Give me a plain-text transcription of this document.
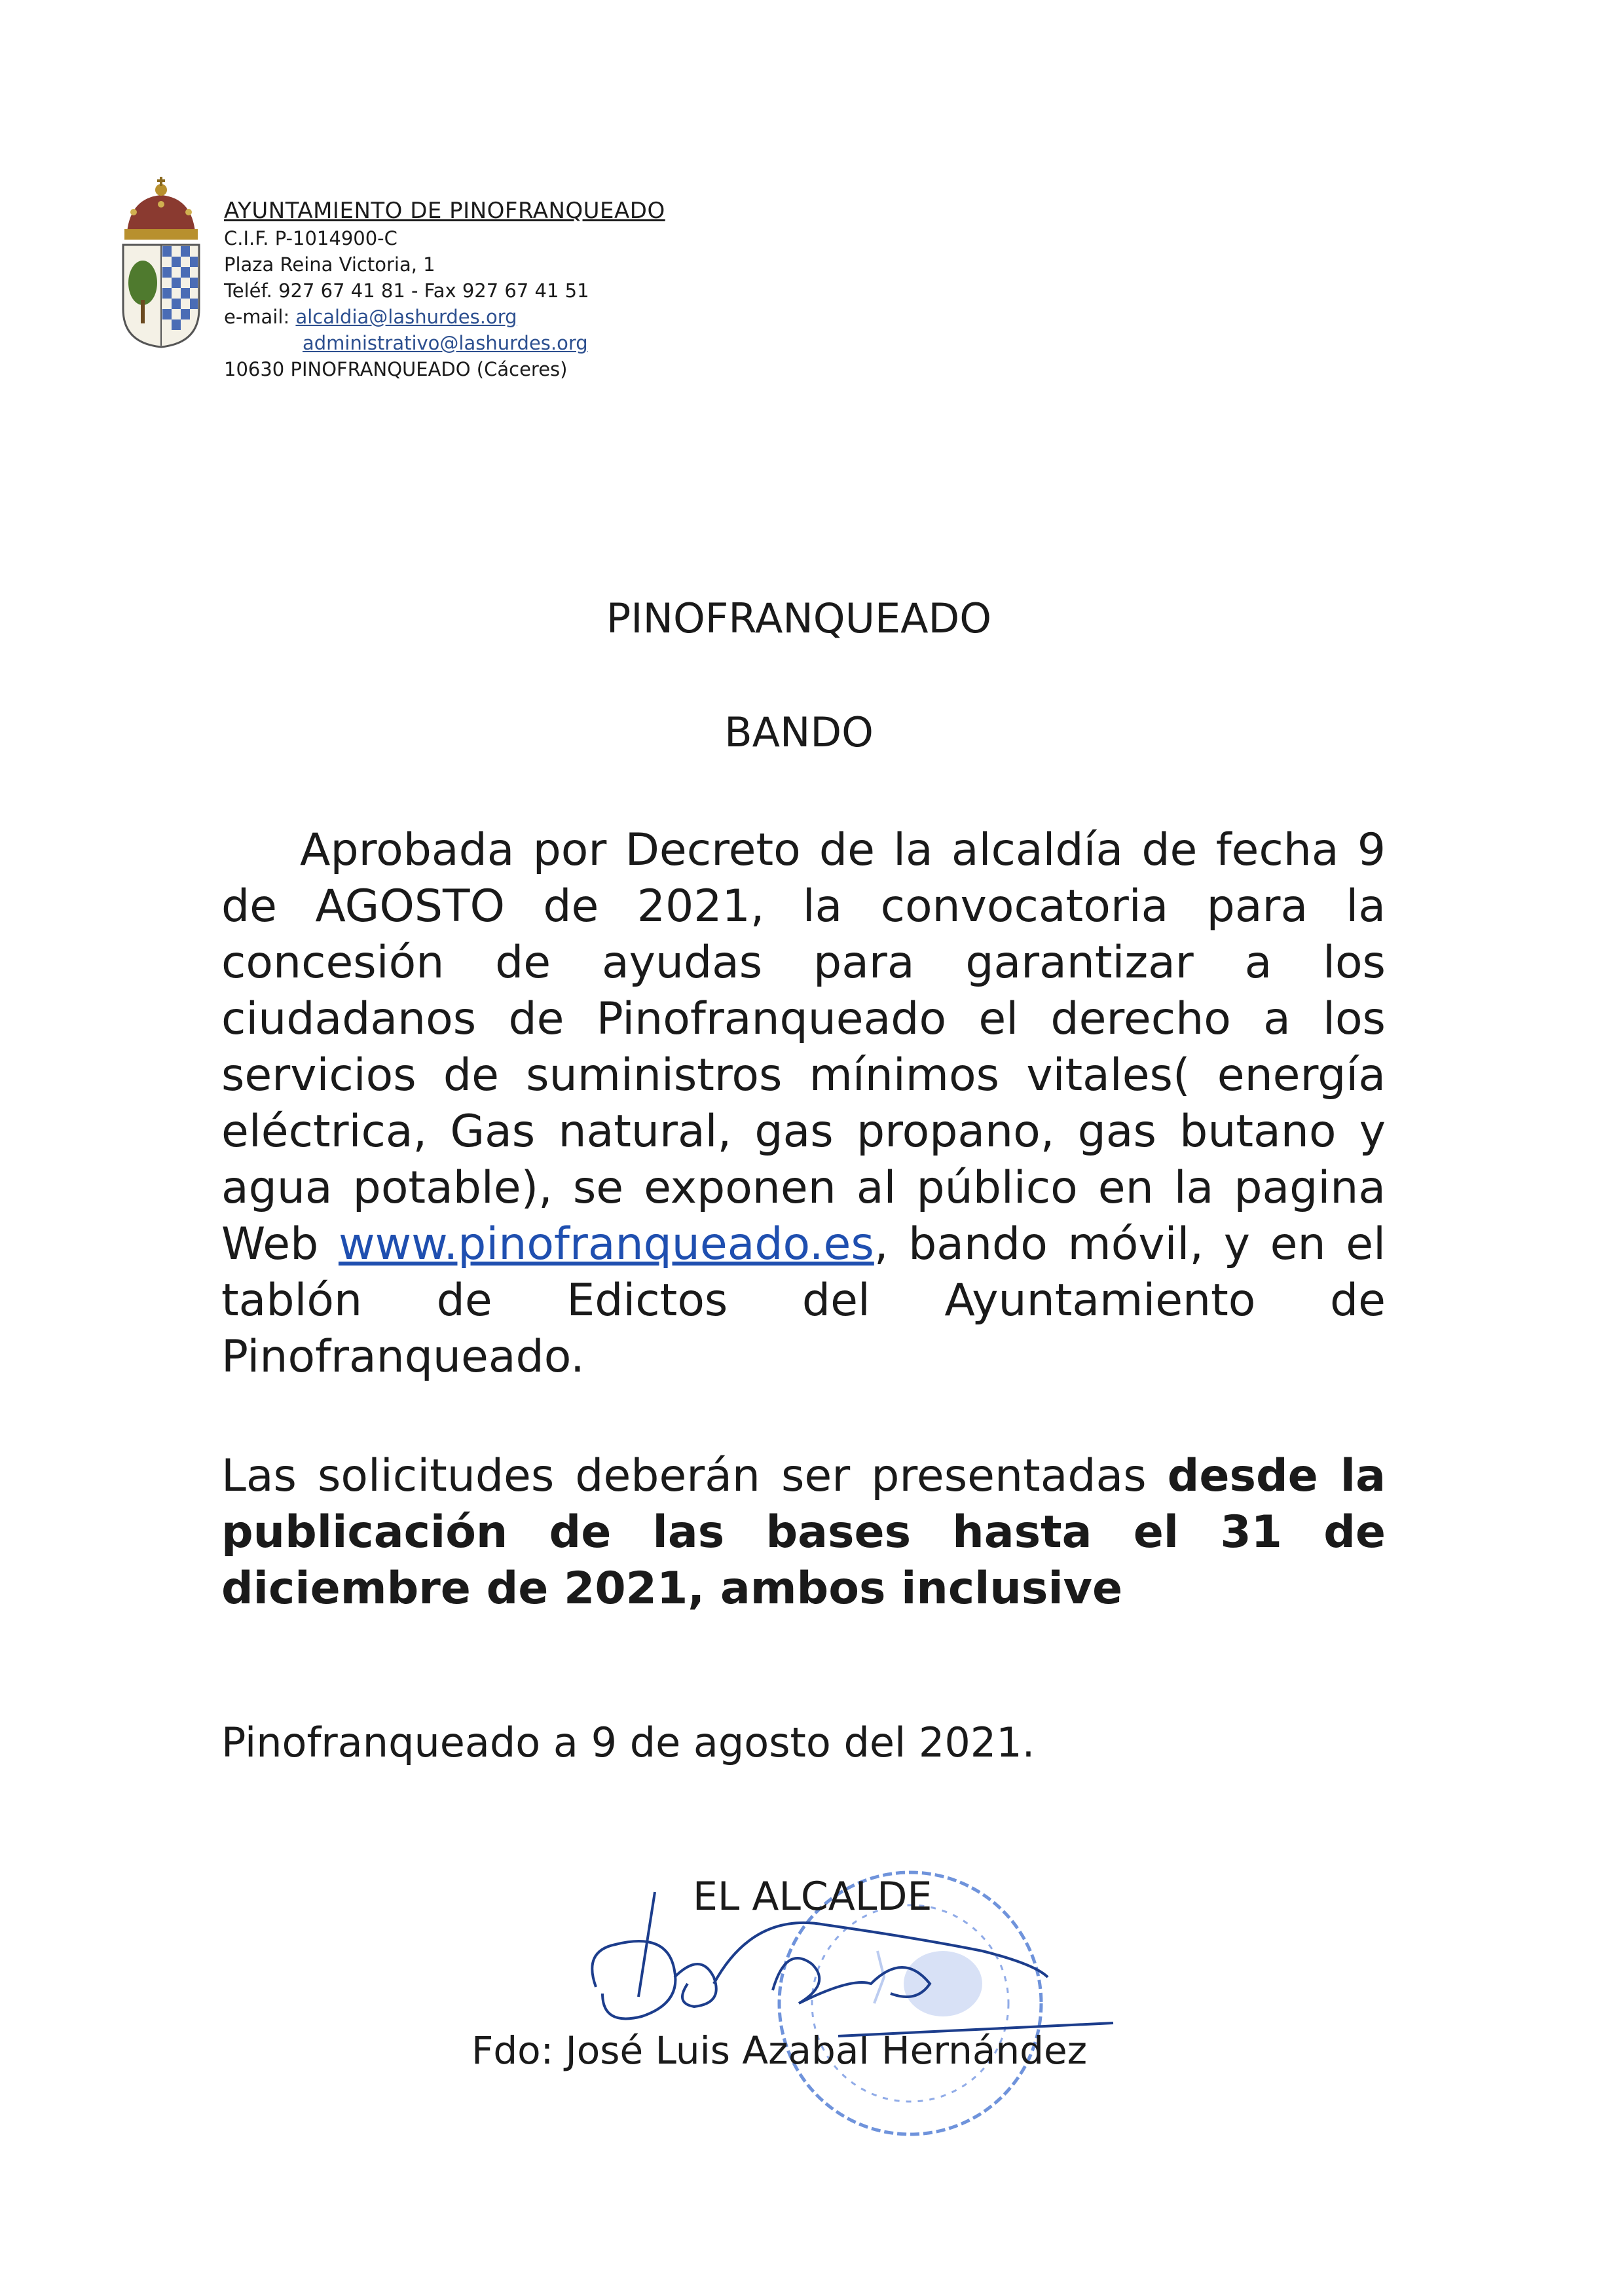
AYUNTAMIENTO DE PINOFRANQUEADO
C.I.F. P-1014900-C
Plaza Reina Victoria, 1
Teléf. 927 67 41 81 - Fax 927 67 41 51
e-mail: alcaldia@lashurdes.org
administrativo@lashurdes.org
10630 PINOFRANQUEADO (Cáceres)
PINOFRANQUEADO
BANDO
Aprobada por Decreto de la alcaldía de fecha 9 de AGOSTO de 2021, la convocatoria para la concesión de ayudas para garantizar a los ciudadanos de Pinofranqueado el derecho a los servicios de suministros mínimos vitales( energía eléctrica, Gas natural, gas propano, gas butano y agua potable), se exponen al público en la pagina Web www.pinofranqueado.es, bando móvil, y en el tablón de Edictos del Ayuntamiento de Pinofranqueado.
Las solicitudes deberán ser presentadas desde la publicación de las bases hasta el 31 de diciembre de 2021, ambos inclusive
Pinofranqueado a 9 de agosto del 2021.
EL ALCALDE
Fdo: José Luis Azabal Hernández
